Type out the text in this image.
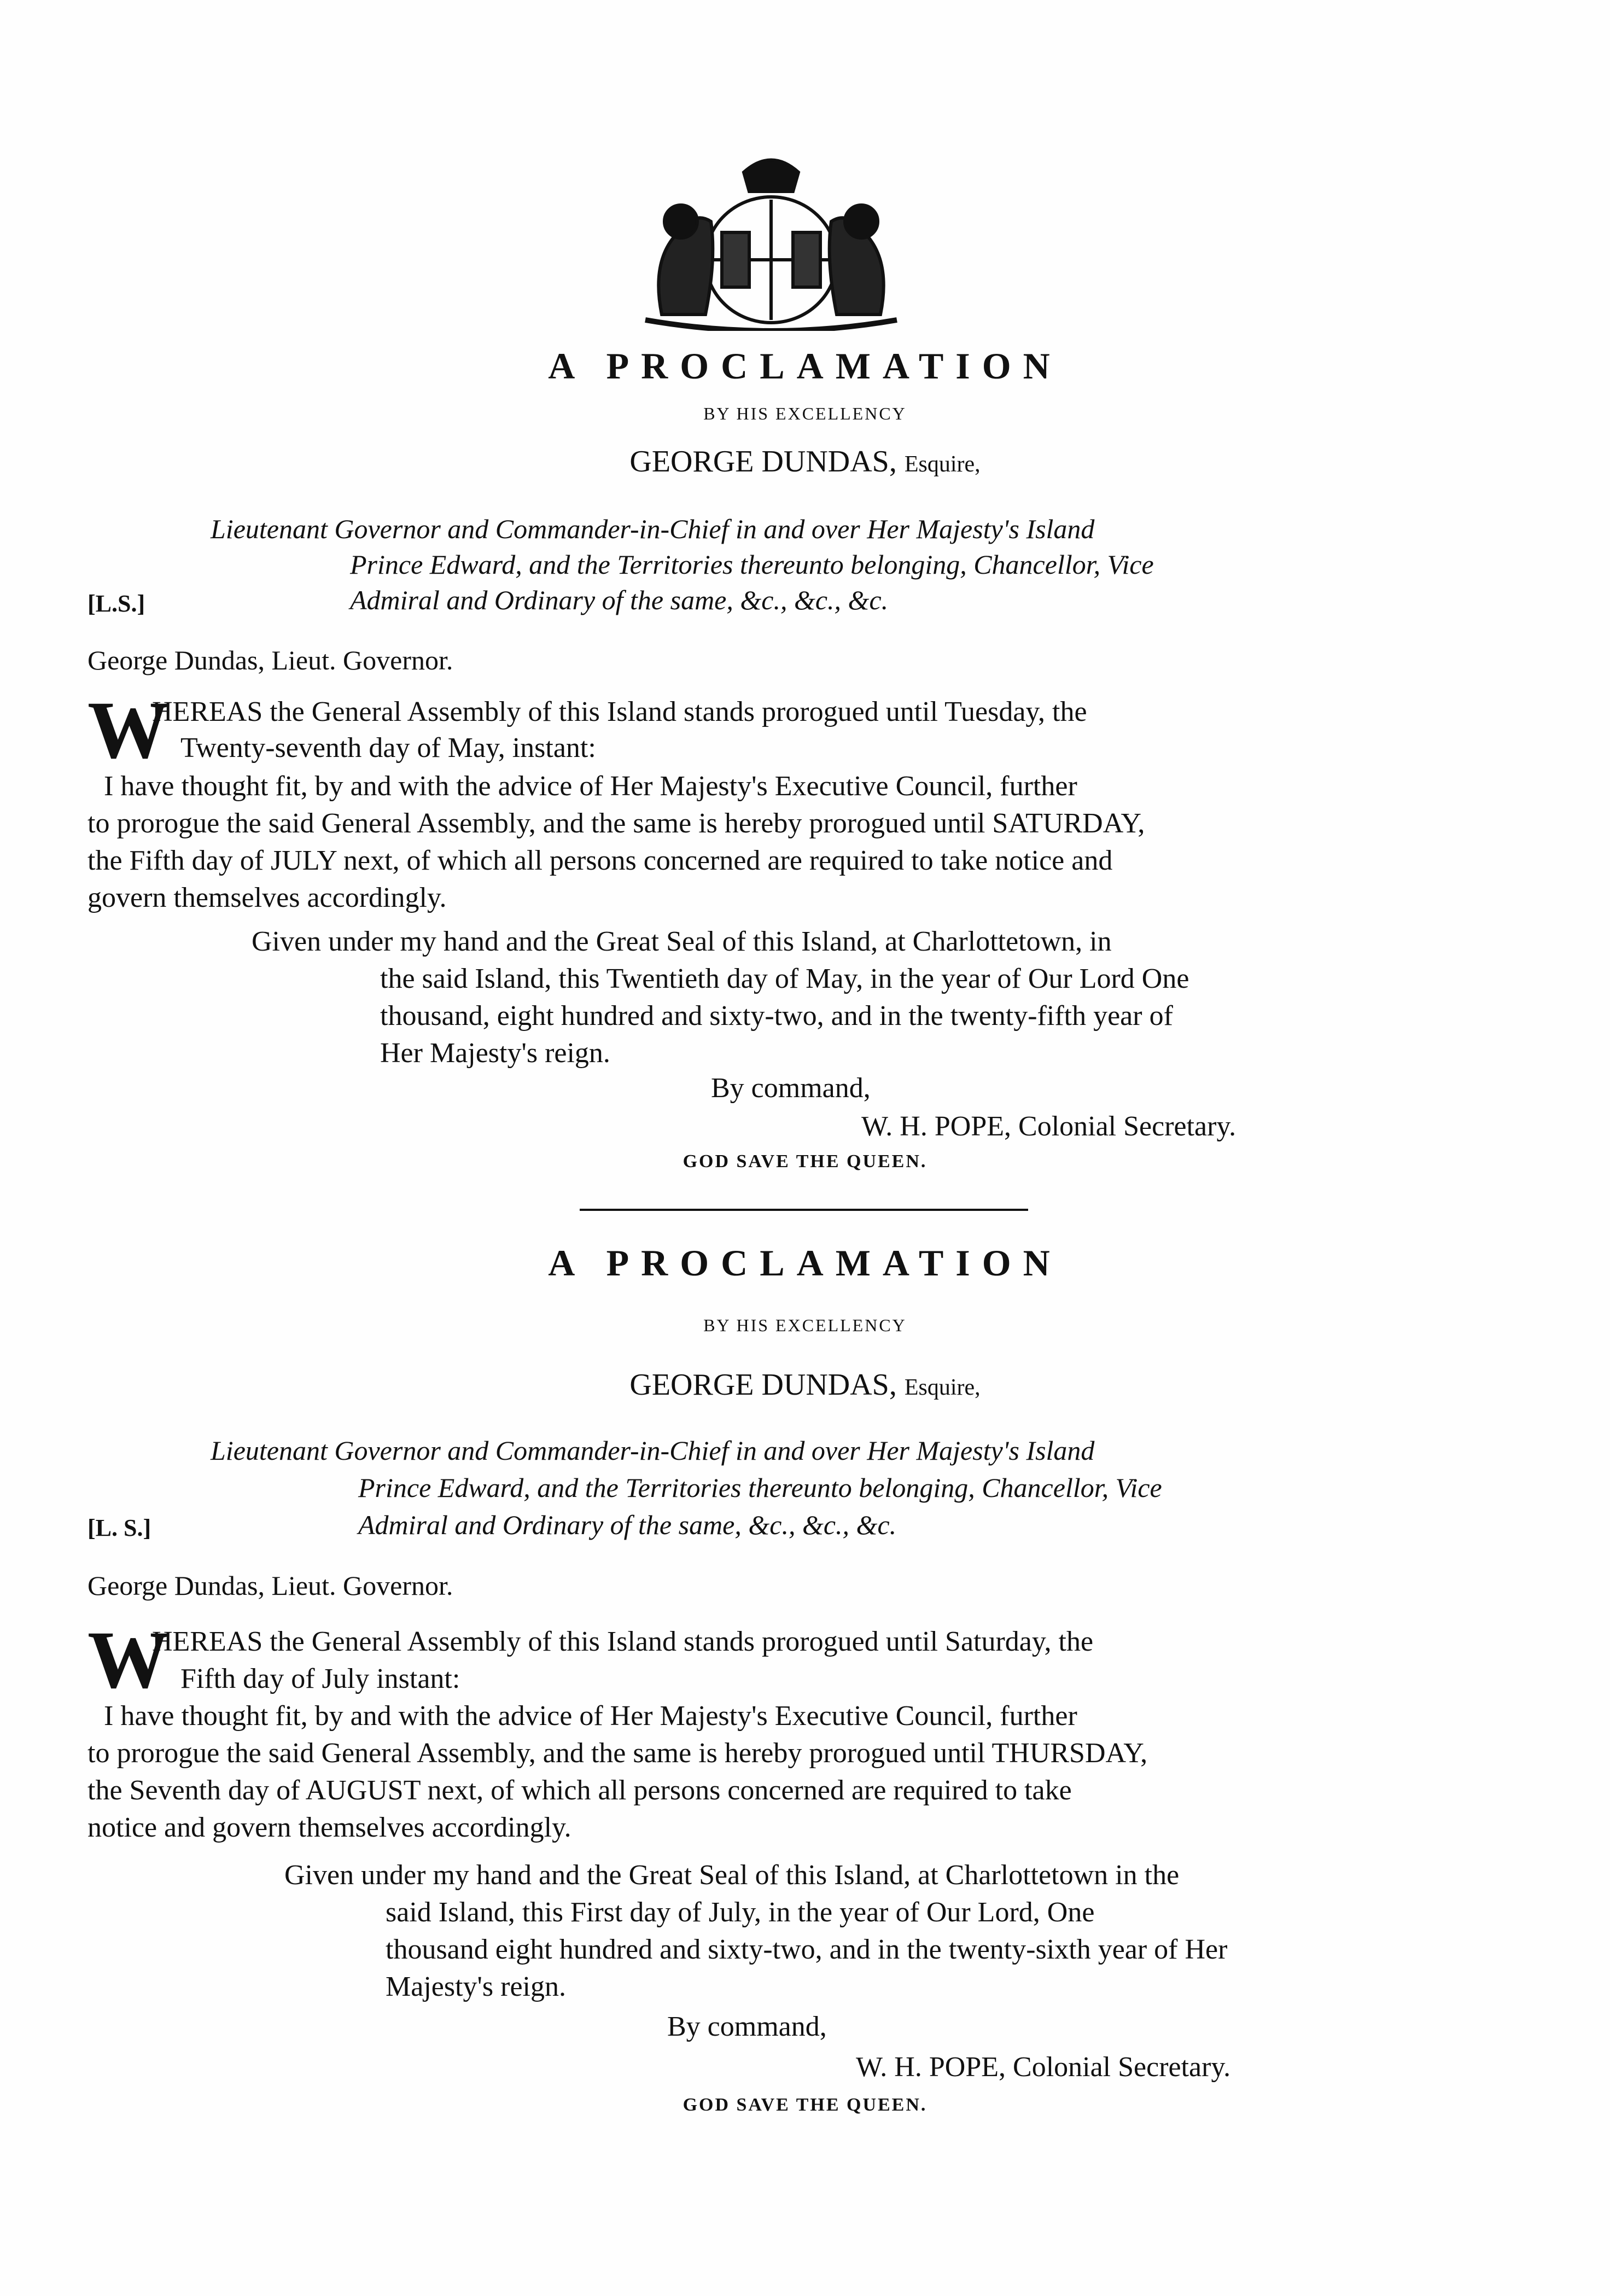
A PROCLAMATION
BY HIS EXCELLENCY
GEORGE DUNDAS, Esquire,
Lieutenant Governor and Commander-in-Chief in and over Her Majesty's Island
Prince Edward, and the Territories thereunto belonging, Chancellor, Vice
Admiral and Ordinary of the same, &c., &c., &c.
[L.S.]
George Dundas, Lieut. Governor.
W
HEREAS the General Assembly of this Island stands prorogued until Tuesday, the
Twenty-seventh day of May, instant:
I have thought fit, by and with the advice of Her Majesty's Executive Council, further
to prorogue the said General Assembly, and the same is hereby prorogued until SATURDAY,
the Fifth day of JULY next, of which all persons concerned are required to take notice and
govern themselves accordingly.
Given under my hand and the Great Seal of this Island, at Charlottetown, in
the said Island, this Twentieth day of May, in the year of Our Lord One
thousand, eight hundred and sixty-two, and in the twenty-fifth year of
Her Majesty's reign.
By command,
W. H. POPE, Colonial Secretary.
GOD SAVE THE QUEEN.
A PROCLAMATION
BY HIS EXCELLENCY
GEORGE DUNDAS, Esquire,
Lieutenant Governor and Commander-in-Chief in and over Her Majesty's Island
Prince Edward, and the Territories thereunto belonging, Chancellor, Vice
Admiral and Ordinary of the same, &c., &c., &c.
[L. S.]
George Dundas, Lieut. Governor.
W
HEREAS the General Assembly of this Island stands prorogued until Saturday, the
Fifth day of July instant:
I have thought fit, by and with the advice of Her Majesty's Executive Council, further
to prorogue the said General Assembly, and the same is hereby prorogued until THURSDAY,
the Seventh day of AUGUST next, of which all persons concerned are required to take
notice and govern themselves accordingly.
Given under my hand and the Great Seal of this Island, at Charlottetown in the
said Island, this First day of July, in the year of Our Lord, One
thousand eight hundred and sixty-two, and in the twenty-sixth year of Her
Majesty's reign.
By command,
W. H. POPE, Colonial Secretary.
GOD SAVE THE QUEEN.
